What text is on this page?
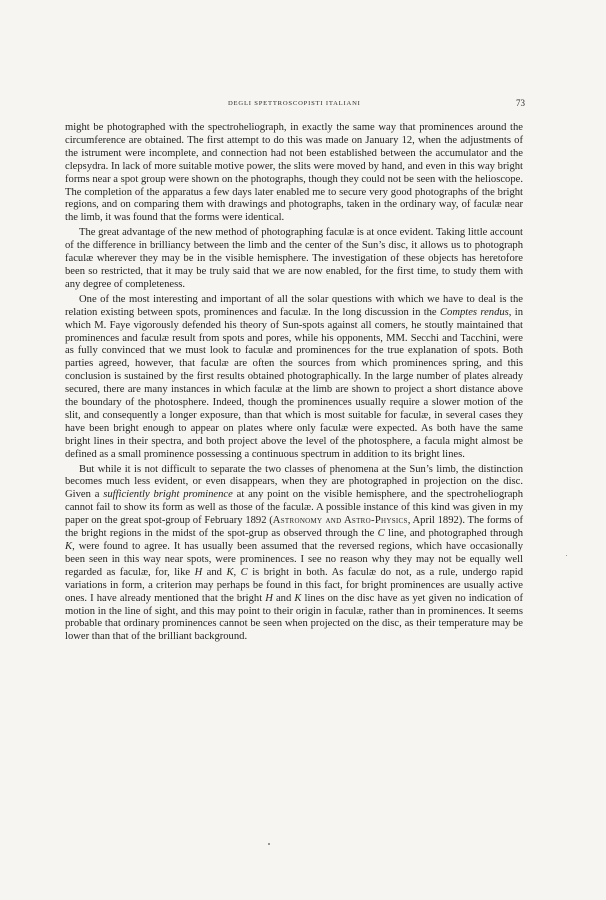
DEGLI SPETTROSCOPISTI ITALIANI	73

might be photographed with the spectroheliograph, in exactly the same way that prominences around the circumference are obtained. The first attempt to do this was made on January 12, when the adjustments of the istrument were incomplete, and connection had not been established between the accumulator and the clepsydra. In lack of more suitable motive power, the slits were moved by hand, and even in this way bright forms near a spot group were shown on the photographs, though they could not be seen with the helioscope. The completion of the apparatus a few days later enabled me to secure very good photographs of the bright regions, and on comparing them with drawings and photographs, taken in the ordinary way, of faculæ near the limb, it was found that the forms were identical.

The great advantage of the new method of photographing faculæ is at once evident. Taking little account of the difference in brilliancy between the limb and the center of the Sun’s disc, it allows us to photograph faculæ wherever they may be in the visible hemisphere. The investigation of these objects has heretofore been so restricted, that it may be truly said that we are now enabled, for the first time, to study them with any degree of completeness.

One of the most interesting and important of all the solar questions with which we have to deal is the relation existing between spots, prominences and faculæ. In the long discussion in the Comptes rendus, in which M. Faye vigorously defended his theory of Sun-spots against all comers, he stoutly maintained that prominences and faculæ result from spots and pores, while his opponents, MM. Secchi and Tacchini, were as fully convinced that we must look to faculæ and prominences for the true explanation of spots. Both parties agreed, however, that faculæ are often the sources from which prominences spring, and this conclusion is sustained by the first results obtained photographically. In the large number of plates already secured, there are many instances in which faculæ at the limb are shown to project a short distance above the boundary of the photosphere. Indeed, though the prominences usually require a slower motion of the slit, and consequently a longer exposure, than that which is most suitable for faculæ, in several cases they have been bright enough to appear on plates where only faculæ were expected. As both have the same bright lines in their spectra, and both project above the level of the photosphere, a facula might almost be defined as a small prominence possessing a continuous spectrum in addition to its bright lines.

But while it is not difficult to separate the two classes of phenomena at the Sun’s limb, the distinction becomes much less evident, or even disappears, when they are photographed in projection on the disc. Given a sufficiently bright prominence at any point on the visible hemisphere, and the spectroheliograph cannot fail to show its form as well as those of the faculæ. A possible instance of this kind was given in my paper on the great spot-group of February 1892 (Astronomy and Astro-Physics, April 1892). The forms of the bright regions in the midst of the spot-grup as observed through the C line, and photographed through K, were found to agree. It has usually been assumed that the reversed regions, which have occasionally been seen in this way near spots, were prominences. I see no reason why they may not be equally well regarded as faculæ, for, like H and K, C is bright in both. As faculæ do not, as a rule, undergo rapid variations in form, a criterion may perhaps be found in this fact, for bright prominences are usually active ones. I have already mentioned that the bright H and K lines on the disc have as yet given no indication of motion in the line of sight, and this may point to their origin in faculæ, rather than in prominences. It seems probable that ordinary prominences cannot be seen when projected on the disc, as their temperature may be lower than that of the brilliant background.
